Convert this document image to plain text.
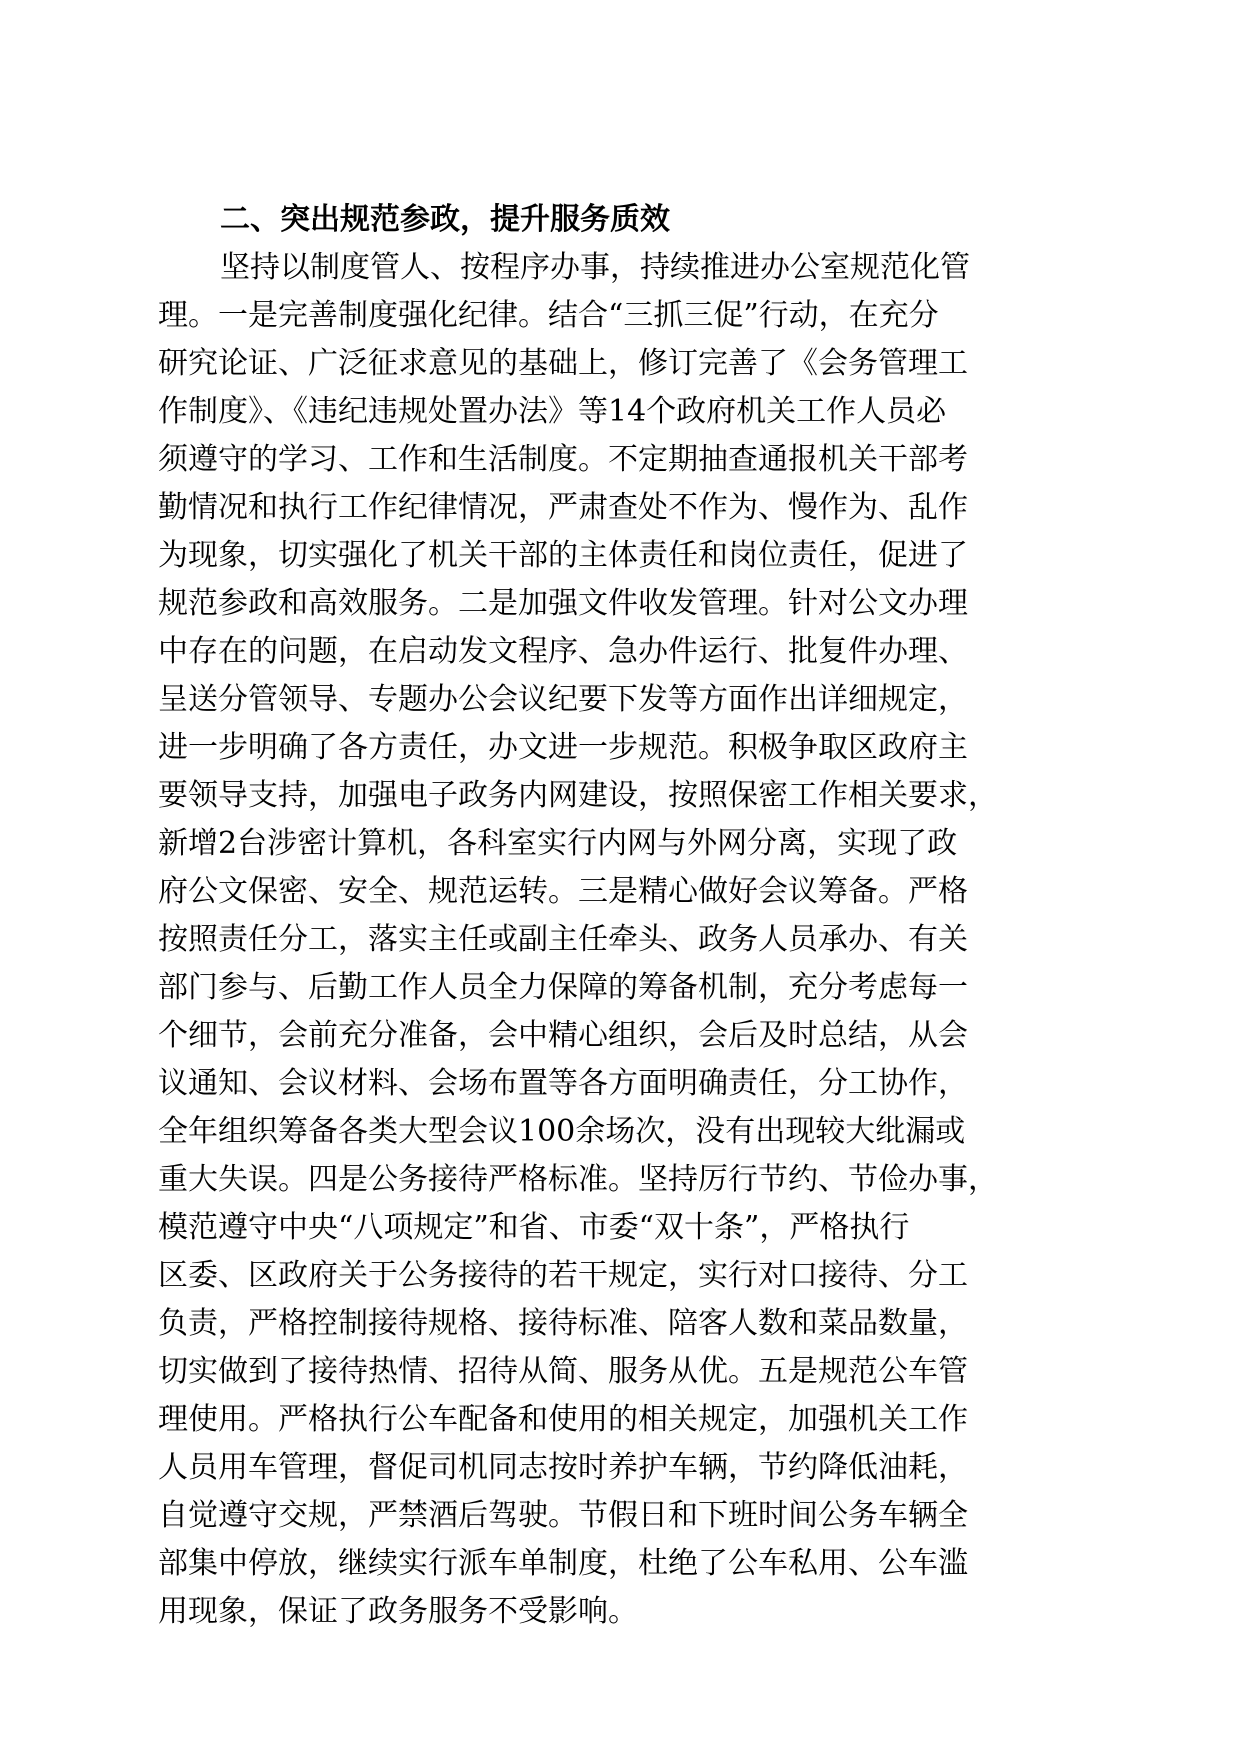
二、突出规范参政，提升服务质效
坚持以制度管人、按程序办事，持续推进办公室规范化管
理。一是完善制度强化纪律。结合“三抓三促”行动，在充分
研究论证、广泛征求意见的基础上，修订完善了《会务管理工
作制度》、《违纪违规处置办法》等14个政府机关工作人员必
须遵守的学习、工作和生活制度。不定期抽查通报机关干部考
勤情况和执行工作纪律情况，严肃查处不作为、慢作为、乱作
为现象，切实强化了机关干部的主体责任和岗位责任，促进了
规范参政和高效服务。二是加强文件收发管理。针对公文办理
中存在的问题，在启动发文程序、急办件运行、批复件办理、
呈送分管领导、专题办公会议纪要下发等方面作出详细规定，
进一步明确了各方责任，办文进一步规范。积极争取区政府主
要领导支持，加强电子政务内网建设，按照保密工作相关要求，
新增2台涉密计算机，各科室实行内网与外网分离，实现了政
府公文保密、安全、规范运转。三是精心做好会议筹备。严格
按照责任分工，落实主任或副主任牵头、政务人员承办、有关
部门参与、后勤工作人员全力保障的筹备机制，充分考虑每一
个细节，会前充分准备，会中精心组织，会后及时总结，从会
议通知、会议材料、会场布置等各方面明确责任，分工协作，
全年组织筹备各类大型会议100余场次，没有出现较大纰漏或
重大失误。四是公务接待严格标准。坚持厉行节约、节俭办事，
模范遵守中央“八项规定”和省、市委“双十条”，严格执行
区委、区政府关于公务接待的若干规定，实行对口接待、分工
负责，严格控制接待规格、接待标准、陪客人数和菜品数量，
切实做到了接待热情、招待从简、服务从优。五是规范公车管
理使用。严格执行公车配备和使用的相关规定，加强机关工作
人员用车管理，督促司机同志按时养护车辆，节约降低油耗，
自觉遵守交规，严禁酒后驾驶。节假日和下班时间公务车辆全
部集中停放，继续实行派车单制度，杜绝了公车私用、公车滥
用现象，保证了政务服务不受影响。
